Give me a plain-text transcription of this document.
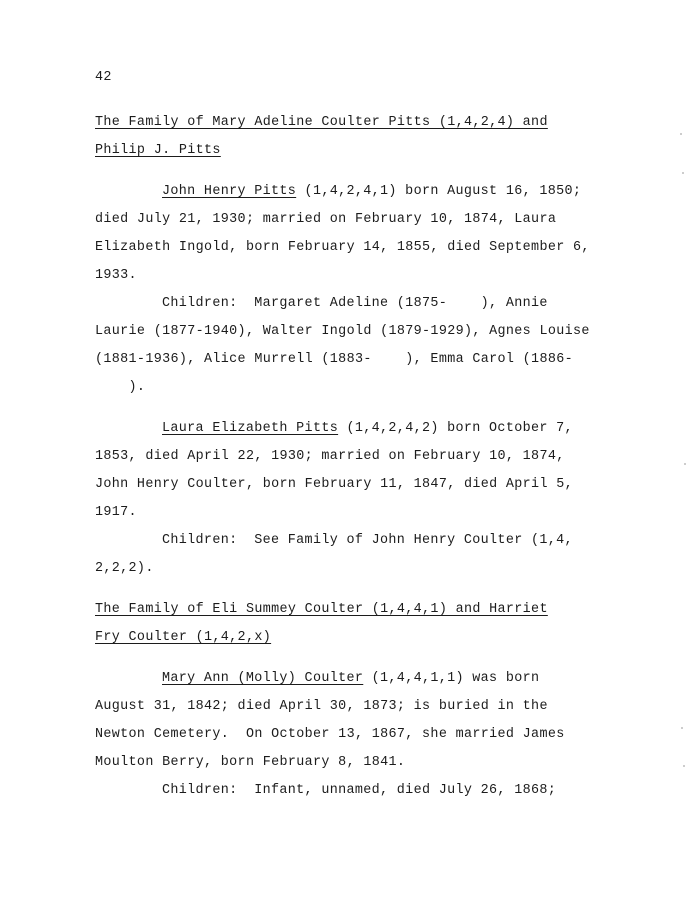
42
The Family of Mary Adeline Coulter Pitts (1,4,2,4) and
Philip J. Pitts
John Henry Pitts (1,4,2,4,1) born August 16, 1850;
died July 21, 1930; married on February 10, 1874, Laura
Elizabeth Ingold, born February 14, 1855, died September 6,
1933.
Children:  Margaret Adeline (1875-    ), Annie
Laurie (1877-1940), Walter Ingold (1879-1929), Agnes Louise
(1881-1936), Alice Murrell (1883-    ), Emma Carol (1886-
).
Laura Elizabeth Pitts (1,4,2,4,2) born October 7,
1853, died April 22, 1930; married on February 10, 1874,
John Henry Coulter, born February 11, 1847, died April 5,
1917.
Children:  See Family of John Henry Coulter (1,4,
2,2,2).
The Family of Eli Summey Coulter (1,4,4,1) and Harriet
Fry Coulter (1,4,2,x)
Mary Ann (Molly) Coulter (1,4,4,1,1) was born
August 31, 1842; died April 30, 1873; is buried in the
Newton Cemetery.  On October 13, 1867, she married James
Moulton Berry, born February 8, 1841.
Children:  Infant, unnamed, died July 26, 1868;
